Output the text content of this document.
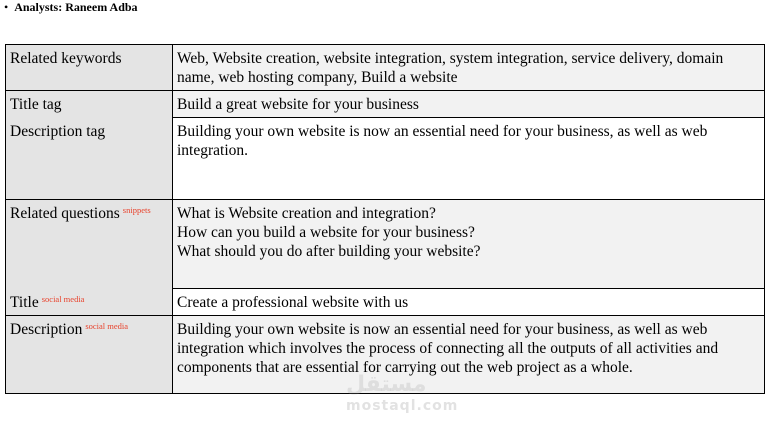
• Analysts: Raneem Adba
Related keywords	Web, Website creation, website integration, system integration, service delivery, domain name, web hosting company, Build a website

Title tag	Build a great website for your business

Description tag	Building your own website is now an essential need for your business, as well as web integration.

Related questions $^{snippets}$	What is Website creation and integration?
How can you build a website for your business?
What should you do after building your website?

Title $^{social media}$	Create a professional website with us

Description $^{social media}$	Building your own website is now an essential need for your business, as well as web integration which involves the process of connecting all the outputs of all activities and components that are essential for carrying out the web project as a whole.
مستقل
mostaql.com
